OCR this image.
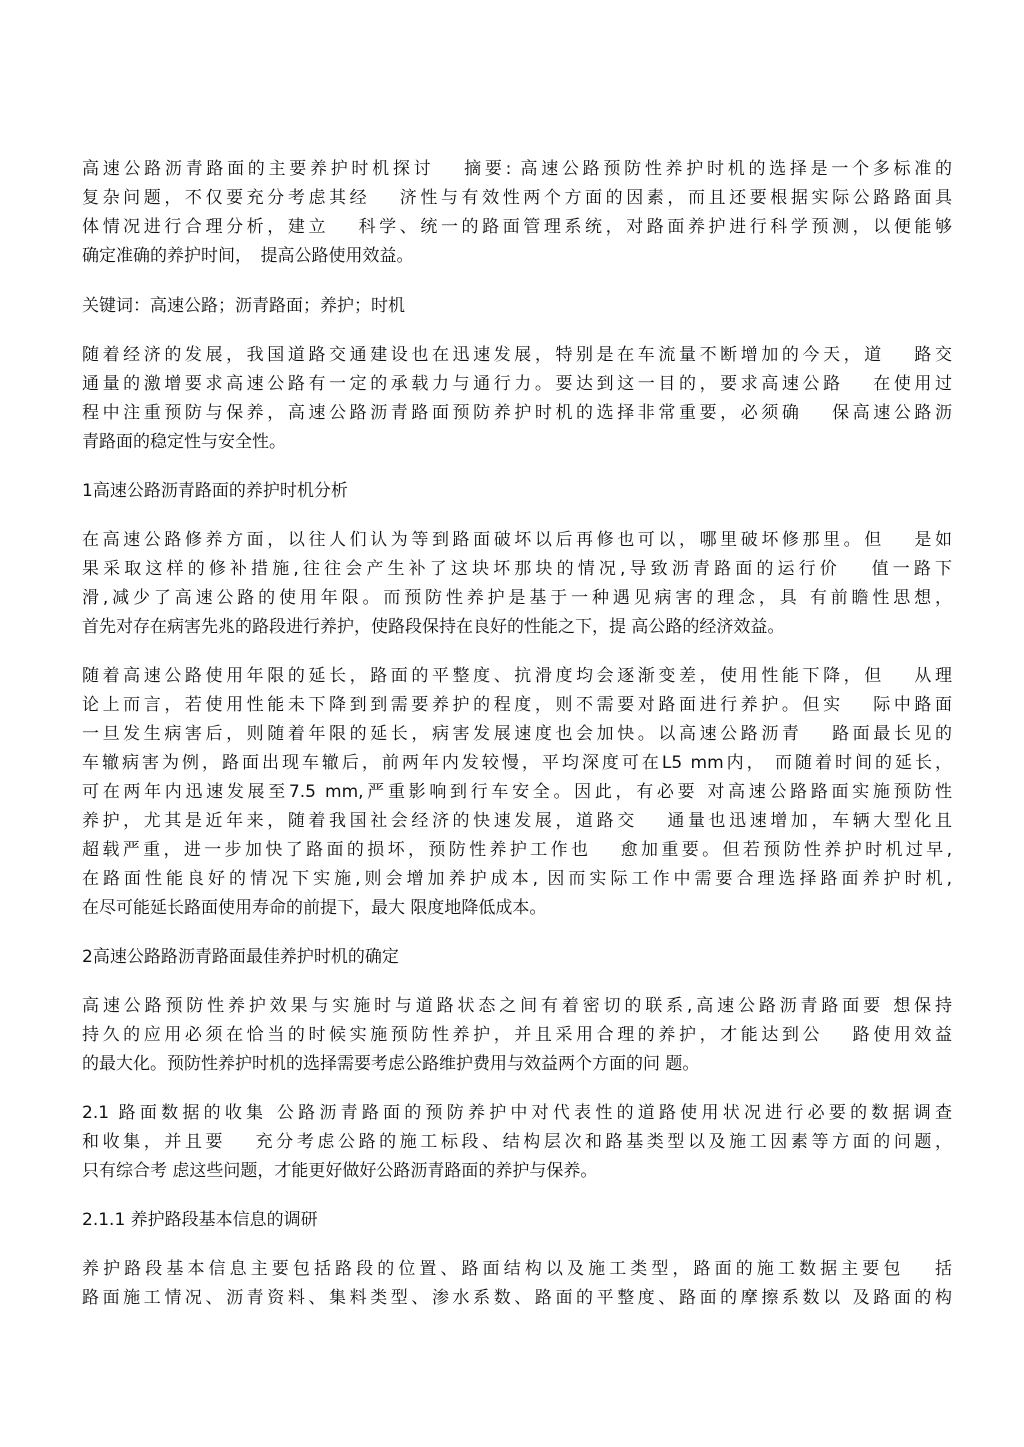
高速公路沥青路面的主要养护时机探讨　 摘要: 高速公路预防性养护时机的选择是一个多标准的
复杂问题，不仅要充分考虑其经　 济性与有效性两个方面的因素，而且还要根据实际公路路面具
体情况进行合理分析，建立　 科学、统一的路面管理系统，对路面养护进行科学预测，以便能够
确定准确的养护时间，　提高公路使用效益。
关键词：高速公路；沥青路面；养护；时机
随着经济的发展，我国道路交通建设也在迅速发展，特别是在车流量不断增加的今天，道　 路交
通量的激增要求高速公路有一定的承载力与通行力。要达到这一目的，要求高速公路　 在使用过
程中注重预防与保养，高速公路沥青路面预防养护时机的选择非常重要，必须确　 保高速公路沥
青路面的稳定性与安全性。
1高速公路沥青路面的养护时机分析
在高速公路修养方面，以往人们认为等到路面破坏以后再修也可以，哪里破坏修那里。但　 是如
果采取这样的修补措施,往往会产生补了这块坏那块的情况,导致沥青路面的运行价　 值一路下
滑,减少了高速公路的使用年限。而预防性养护是基于一种遇见病害的理念，具 有前瞻性思想，
首先对存在病害先兆的路段进行养护，使路段保持在良好的性能之下，提 高公路的经济效益。
随着高速公路使用年限的延长，路面的平整度、抗滑度均会逐渐变差，使用性能下降，但　 从理
论上而言，若使用性能未下降到到需要养护的程度，则不需要对路面进行养护。但实　 际中路面
一旦发生病害后，则随着年限的延长，病害发展速度也会加快。以高速公路沥青　 路面最长见的
车辙病害为例，路面出现车辙后，前两年内发较慢，平均深度可在L5 mm内， 而随着时间的延长，
可在两年内迅速发展至7.5 mm,严重影响到行车安全。因此，有必要 对高速公路路面实施预防性
养护，尤其是近年来，随着我国社会经济的快速发展，道路交　 通量也迅速增加，车辆大型化且
超载严重，进一步加快了路面的损坏，预防性养护工作也　 愈加重要。但若预防性养护时机过早,
在路面性能良好的情况下实施,则会增加养护成本, 因而实际工作中需要合理选择路面养护时机,
在尽可能延长路面使用寿命的前提下，最大 限度地降低成本。
2高速公路路沥青路面最佳养护时机的确定
高速公路预防性养护效果与实施时与道路状态之间有着密切的联系,高速公路沥青路面要 想保持
持久的应用必须在恰当的时候实施预防性养护，并且采用合理的养护，才能达到公　 路使用效益
的最大化。预防性养护时机的选择需要考虑公路维护费用与效益两个方面的问 题。
2.1 路面数据的收集 公路沥青路面的预防养护中对代表性的道路使用状况进行必要的数据调查
和收集，并且要　 充分考虑公路的施工标段、结构层次和路基类型以及施工因素等方面的问题，
只有综合考 虑这些问题，才能更好做好公路沥青路面的养护与保养。
2.1.1 养护路段基本信息的调研
养护路段基本信息主要包括路段的位置、路面结构以及施工类型，路面的施工数据主要包　 括
路面施工情况、沥青资料、集料类型、渗水系数、路面的平整度、路面的摩擦系数以 及路面的构
